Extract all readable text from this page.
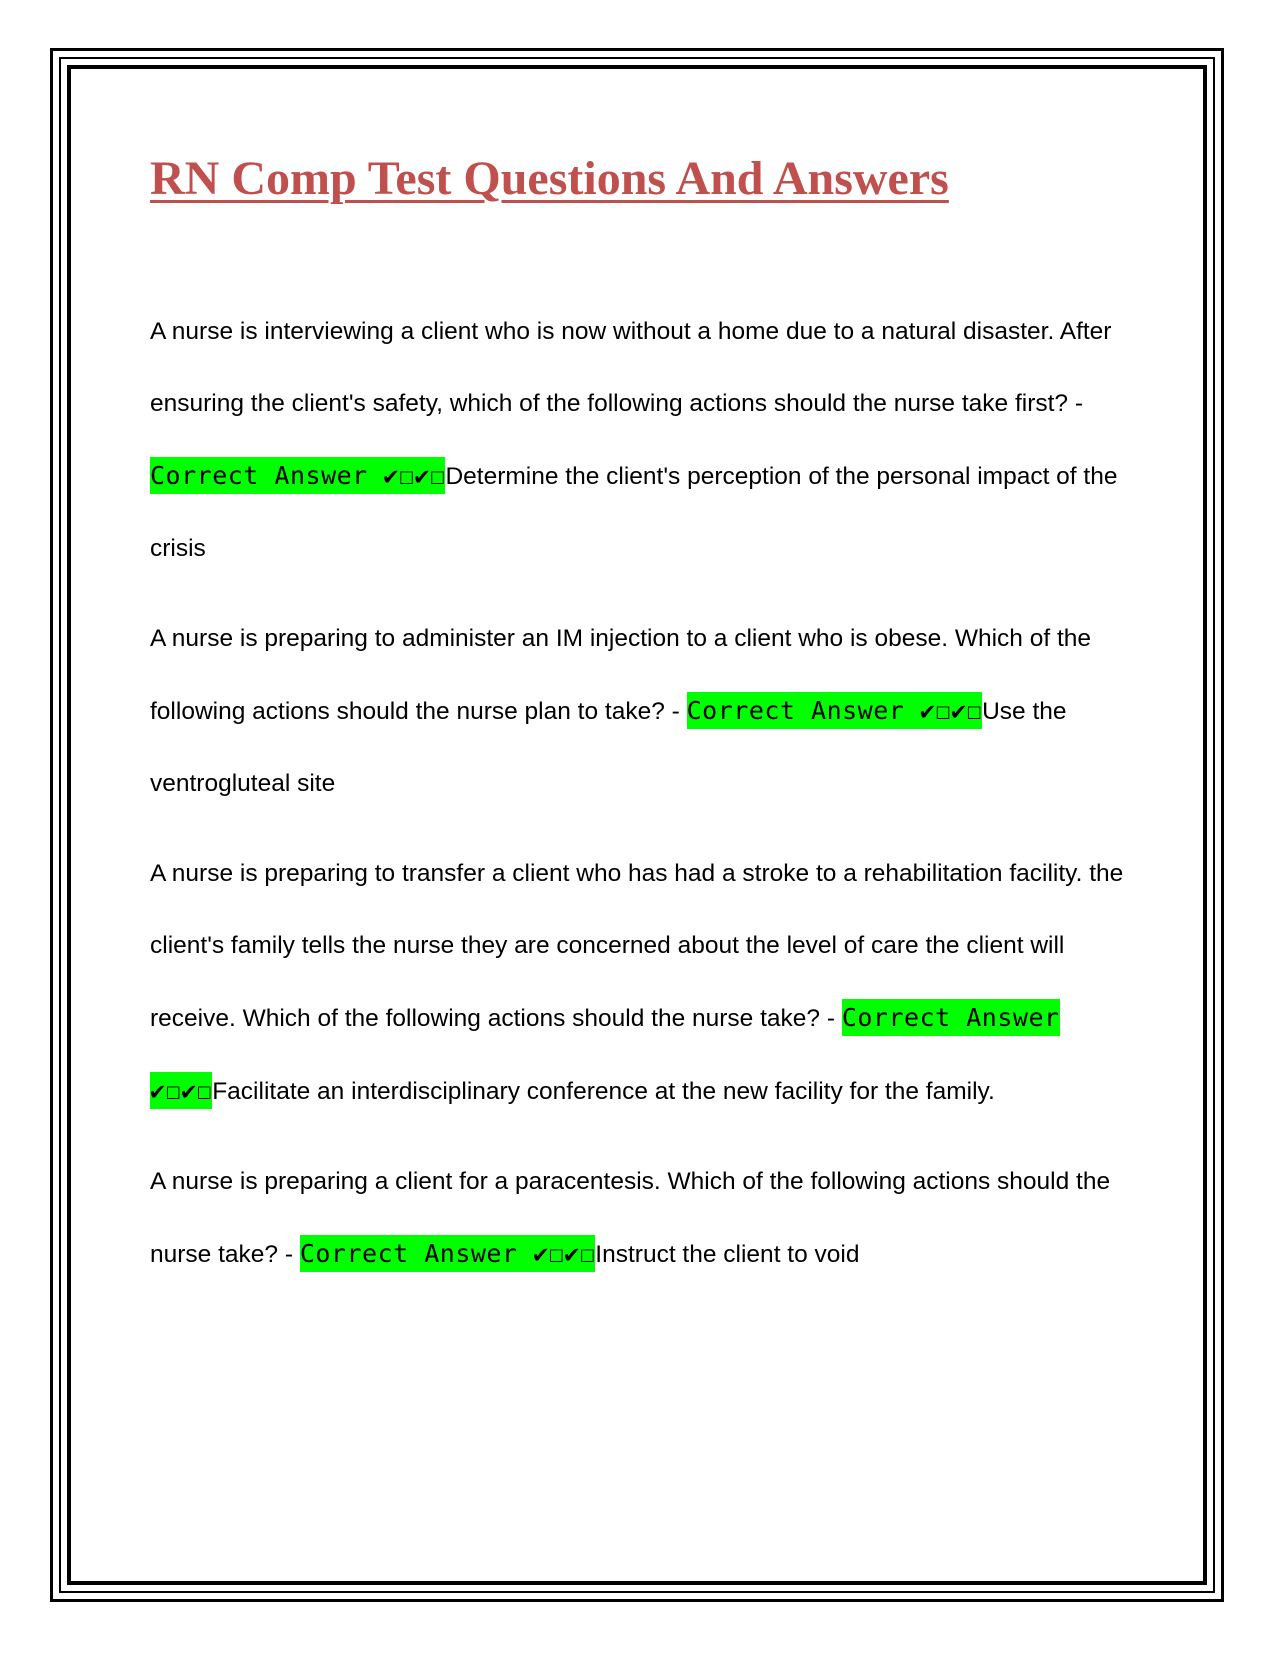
RN Comp Test Questions And Answers

A nurse is interviewing a client who is now without a home due to a natural disaster. After ensuring the client's safety, which of the following actions should the nurse take first? - Correct Answer ✔☐✔☐Determine the client's perception of the personal impact of the crisis

A nurse is preparing to administer an IM injection to a client who is obese. Which of the following actions should the nurse plan to take? - Correct Answer ✔☐✔☐Use the ventrogluteal site

A nurse is preparing to transfer a client who has had a stroke to a rehabilitation facility. the client's family tells the nurse they are concerned about the level of care the client will receive. Which of the following actions should the nurse take? - Correct Answer ✔☐✔☐Facilitate an interdisciplinary conference at the new facility for the family.

A nurse is preparing a client for a paracentesis. Which of the following actions should the nurse take? - Correct Answer ✔☐✔☐Instruct the client to void
